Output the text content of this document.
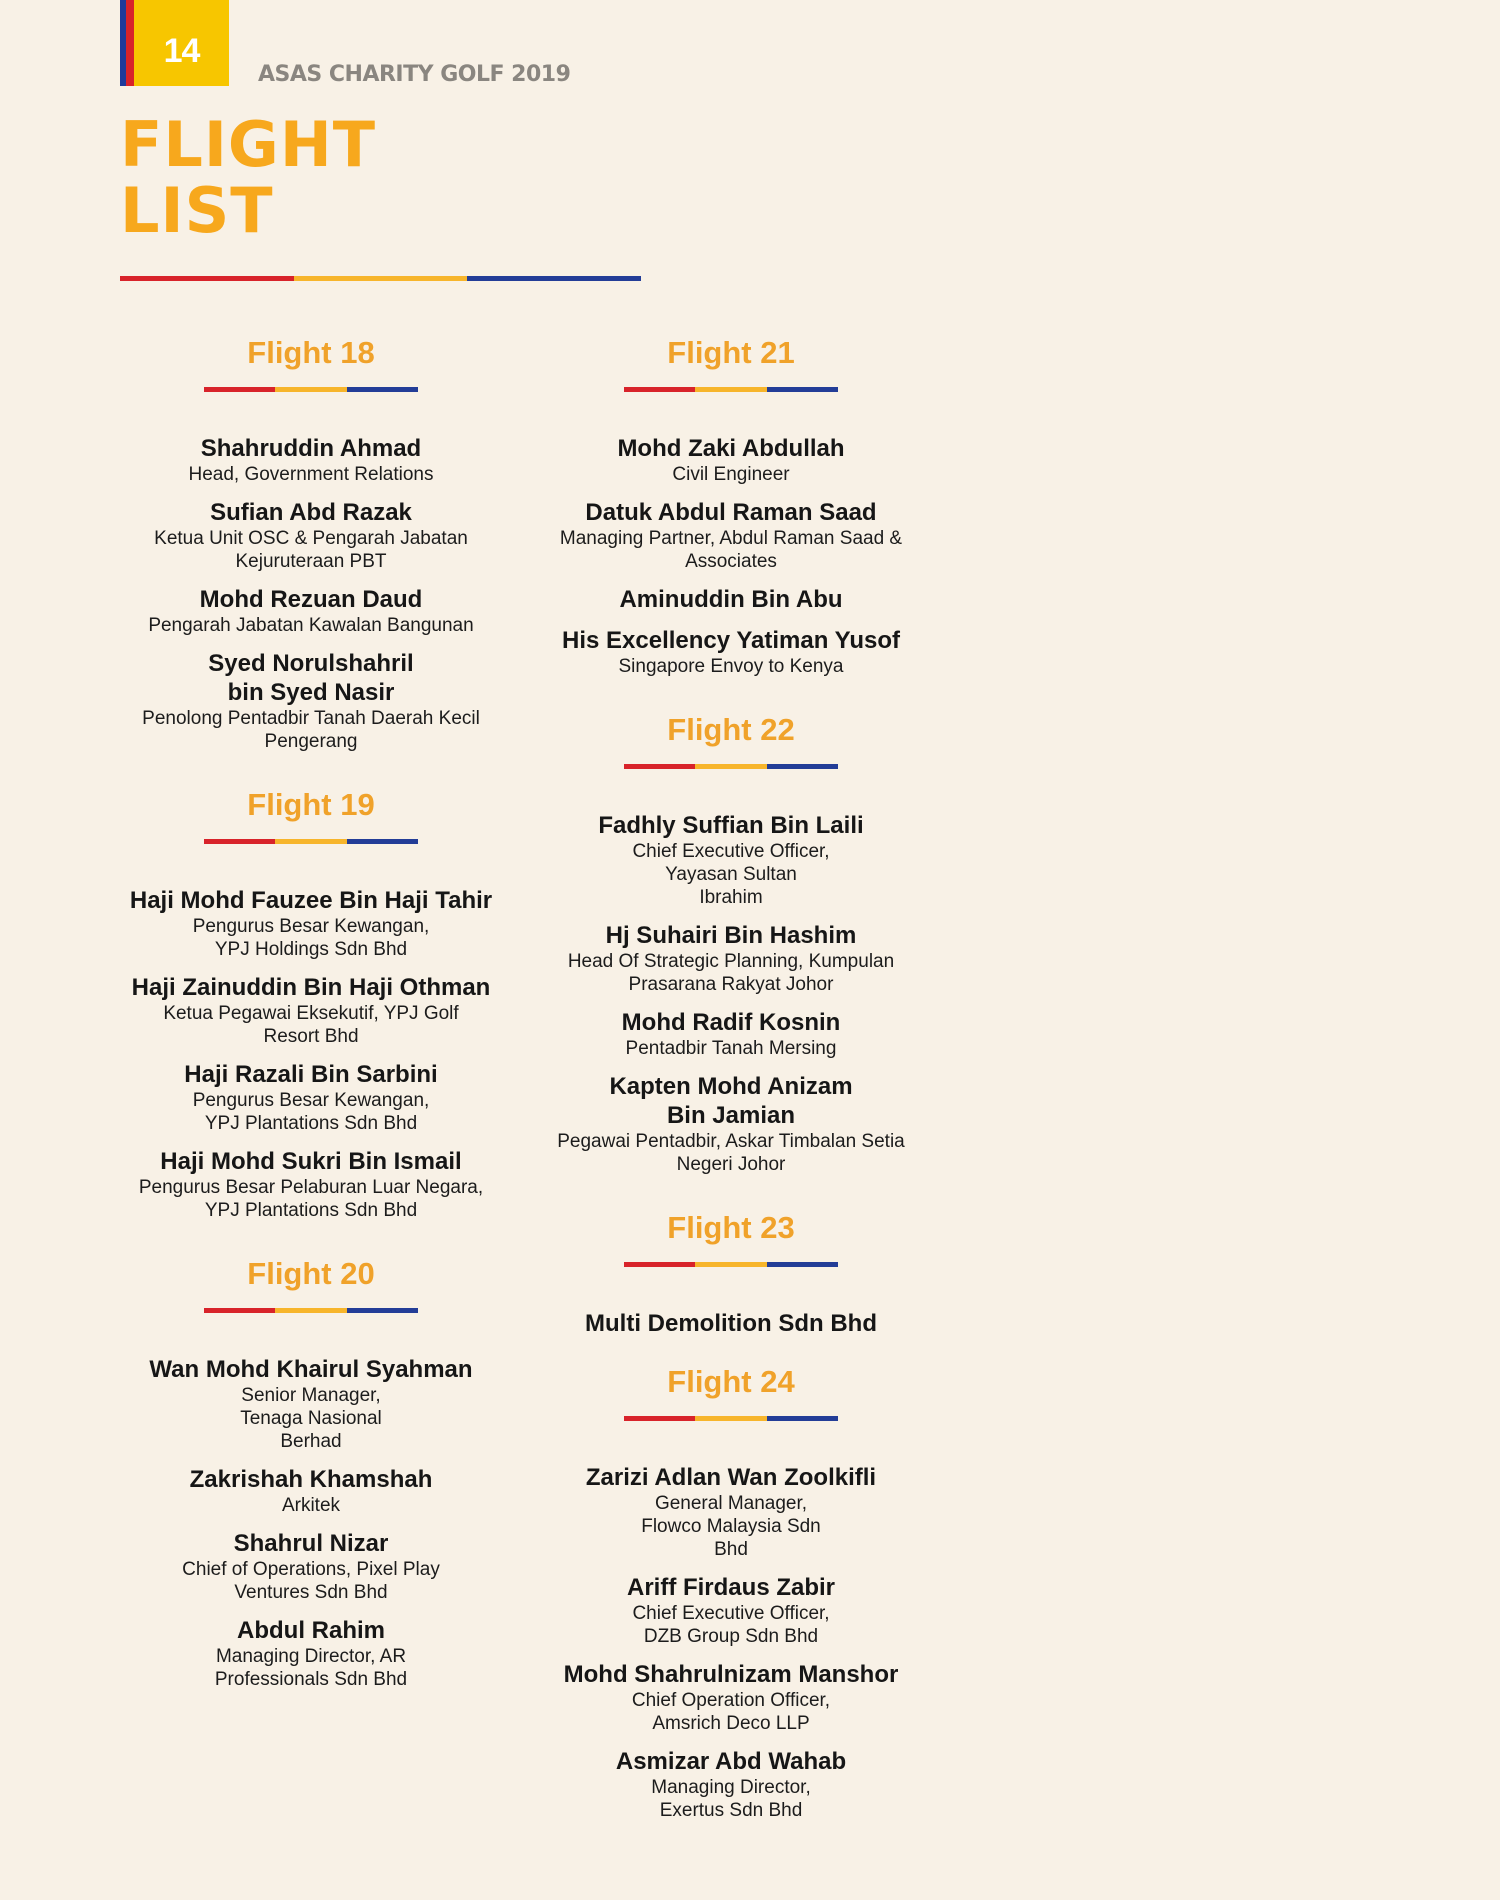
14
ASAS CHARITY GOLF 2019
FLIGHT
LIST
Flight 18
Shahruddin Ahmad
Head, Government Relations
Sufian Abd Razak
Ketua Unit OSC & Pengarah Jabatan Kejuruteraan PBT
Mohd Rezuan Daud
Pengarah Jabatan Kawalan Bangunan
Syed Norulshahril bin Syed Nasir
Penolong Pentadbir Tanah Daerah Kecil Pengerang
Flight 19
Haji Mohd Fauzee Bin Haji Tahir
Pengurus Besar Kewangan, YPJ Holdings Sdn Bhd
Haji Zainuddin Bin Haji Othman
Ketua Pegawai Eksekutif, YPJ Golf Resort Bhd
Haji Razali Bin Sarbini
Pengurus Besar Kewangan, YPJ Plantations Sdn Bhd
Haji Mohd Sukri Bin Ismail
Pengurus Besar Pelaburan Luar Negara, YPJ Plantations Sdn Bhd
Flight 20
Wan Mohd Khairul Syahman
Senior Manager, Tenaga Nasional Berhad
Zakrishah Khamshah
Arkitek
Shahrul Nizar
Chief of Operations, Pixel Play Ventures Sdn Bhd
Abdul Rahim
Managing Director, AR Professionals Sdn Bhd
Flight 21
Mohd Zaki Abdullah
Civil Engineer
Datuk Abdul Raman Saad
Managing Partner, Abdul Raman Saad & Associates
Aminuddin Bin Abu
His Excellency Yatiman Yusof
Singapore Envoy to Kenya
Flight 22
Fadhly Suffian Bin Laili
Chief Executive Officer, Yayasan Sultan Ibrahim
Hj Suhairi Bin Hashim
Head Of Strategic Planning, Kumpulan Prasarana Rakyat Johor
Mohd Radif Kosnin
Pentadbir Tanah Mersing
Kapten Mohd Anizam Bin Jamian
Pegawai Pentadbir, Askar Timbalan Setia Negeri Johor
Flight 23
Multi Demolition Sdn Bhd
Flight 24
Zarizi Adlan Wan Zoolkifli
General Manager, Flowco Malaysia Sdn Bhd
Ariff Firdaus Zabir
Chief Executive Officer, DZB Group Sdn Bhd
Mohd Shahrulnizam Manshor
Chief Operation Officer, Amsrich Deco LLP
Asmizar Abd Wahab
Managing Director, Exertus Sdn Bhd
